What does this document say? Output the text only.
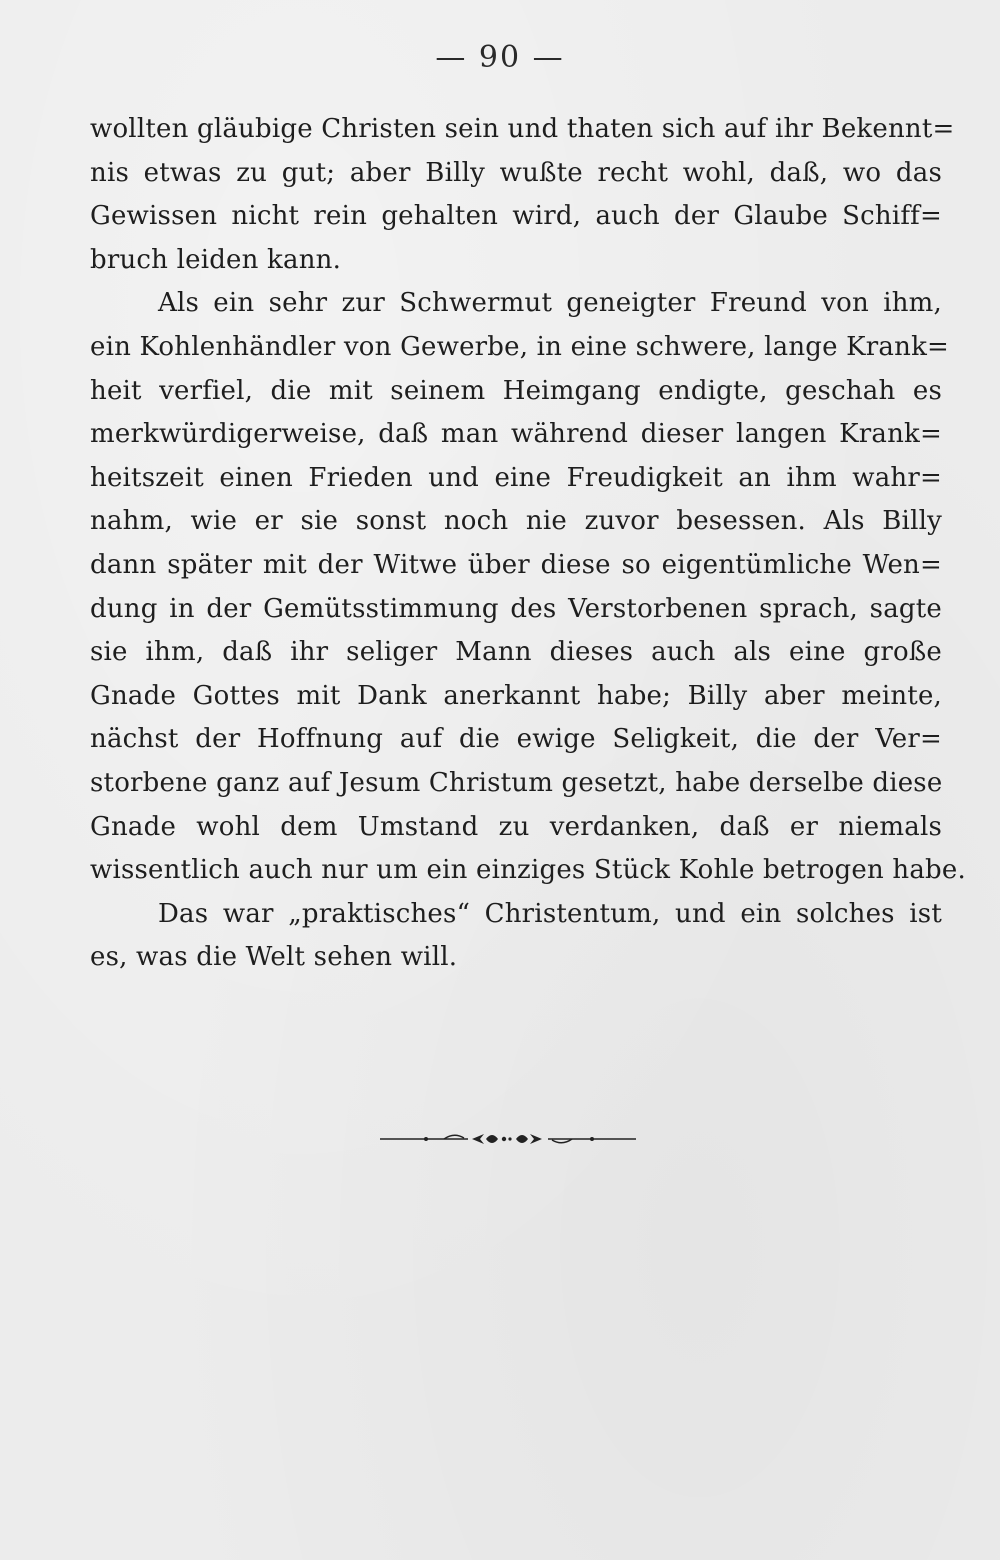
— 90 —
wollten gläubige Christen sein und thaten sich auf ihr Bekennt=
nis etwas zu gut; aber Billy wußte recht wohl, daß, wo das
Gewissen nicht rein gehalten wird, auch der Glaube Schiff=
bruch leiden kann.
Als ein sehr zur Schwermut geneigter Freund von ihm,
ein Kohlenhändler von Gewerbe, in eine schwere, lange Krank=
heit verfiel, die mit seinem Heimgang endigte, geschah es
merkwürdigerweise, daß man während dieser langen Krank=
heitszeit einen Frieden und eine Freudigkeit an ihm wahr=
nahm, wie er sie sonst noch nie zuvor besessen. Als Billy
dann später mit der Witwe über diese so eigentümliche Wen=
dung in der Gemütsstimmung des Verstorbenen sprach, sagte
sie ihm, daß ihr seliger Mann dieses auch als eine große
Gnade Gottes mit Dank anerkannt habe; Billy aber meinte,
nächst der Hoffnung auf die ewige Seligkeit, die der Ver=
storbene ganz auf Jesum Christum gesetzt, habe derselbe diese
Gnade wohl dem Umstand zu verdanken, daß er niemals
wissentlich auch nur um ein einziges Stück Kohle betrogen habe.
Das war „praktisches“ Christentum, und ein solches ist
es, was die Welt sehen will.
